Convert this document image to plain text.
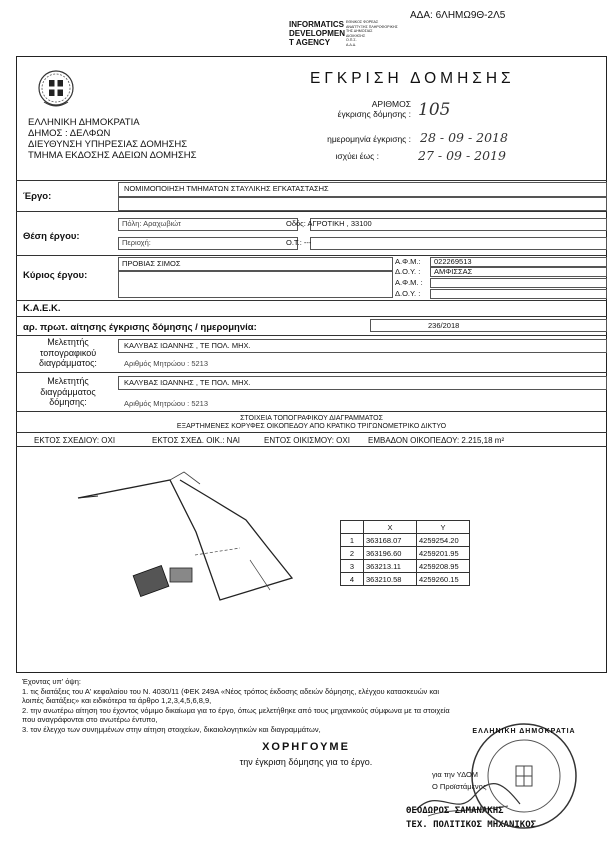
ΑΔΑ: 6ΛΗΜΩ9Θ-2Λ5
INFORMATICS
DEVELOPMEN
T AGENCY
ΕΘΝΙΚΟΣ ΦΟΡΕΑΣ
ΑΝΑΠΤΥΞΗΣ ΠΛΗΡΟΦΟΡΙΚΗΣ
ΤΗΣ ΔΗΜΟΣΙΑΣ
ΔΙΟΙΚΗΣΗΣ
Ο.Π.Σ.
Α.Δ.Δ.
ΕΛΛΗΝΙΚΗ ΔΗΜΟΚΡΑΤΙΑ
ΔΗΜΟΣ : ΔΕΛΦΩΝ
ΔΙΕΥΘΥΝΣΗ ΥΠΗΡΕΣΙΑΣ ΔΟΜΗΣΗΣ
ΤΜΗΜΑ ΕΚΔΟΣΗΣ ΑΔΕΙΩΝ ΔΟΜΗΣΗΣ
ΕΓΚΡΙΣΗ ΔΟΜΗΣΗΣ
ΑΡΙΘΜΟΣ
έγκρισης δόμησης : 105
ημερομηνία έγκρισης : 28 - 09 - 2018
ισχύει έως :	27 - 09 - 2019
Έργο:
ΝΟΜΙΜΟΠΟΙΗΣΗ ΤΜΗΜΑΤΩΝ ΣΤΑΥΛΙΚΗΣ ΕΓΚΑΤΑΣΤΑΣΗΣ
Θέση έργου:
Πόλη: Αραχωβιώτ	Οδός: ΑΓΡΟΤΙΚΗ , 33100
Περιοχή:	Ο.Τ.: ---
Κύριος έργου:
ΠΡΟΒΙΑΣ ΣΙΜΟΣ	Α.Φ.Μ.: 022269513
Δ.Ο.Υ. : ΑΜΦΙΣΣΑΣ
Α.Φ.Μ. :
Δ.Ο.Υ. :
Κ.Α.Ε.Κ.
αρ. πρωτ. αίτησης έγκρισης δόμησης / ημερομηνία:	236/2018
Μελετητής
τοπογραφικού
διαγράμματος:
ΚΑΛΥΒΑΣ ΙΩΑΝΝΗΣ , ΤΕ ΠΟΛ. ΜΗΧ.
Αριθμός Μητρώου : 5213
Μελετητής
διαγράμματος
δόμησης:
ΚΑΛΥΒΑΣ ΙΩΑΝΝΗΣ , ΤΕ ΠΟΛ. ΜΗΧ.
Αριθμός Μητρώου : 5213
ΣΤΟΙΧΕΙΑ ΤΟΠΟΓΡΑΦΙΚΟΥ ΔΙΑΓΡΑΜΜΑΤΟΣ
ΕΞΑΡΤΗΜΕΝΕΣ ΚΟΡΥΦΕΣ ΟΙΚΟΠΕΔΟΥ ΑΠΟ ΚΡΑΤΙΚΟ ΤΡΙΓΩΝΟΜΕΤΡΙΚΟ ΔΙΚΤΥΟ
ΕΚΤΟΣ ΣΧΕΔΙΟΥ: ΟΧΙ	ΕΚΤΟΣ ΣΧΕΔ. ΟΙΚ.: ΝΑΙ	ΕΝΤΟΣ ΟΙΚΙΣΜΟΥ: ΟΧΙ ΕΜΒΑΔΟΝ ΟΙΚΟΠΕΔΟΥ: 2.215,18 m²
	X	Y
1	363168.07	4259254.20
2	363196.60	4259201.95
3	363213.11	4259208.95
4	363210.58	4259260.15
Έχοντας υπ' όψη:
1. τις διατάξεις του Α' κεφαλαίου του Ν. 4030/11 (ΦΕΚ 249Α «Νέος τρόπος έκδοσης αδειών δόμησης, ελέγχου κατασκευών και
λοιπές διατάξεις» και ειδικότερα τα άρθρο 1,2,3,4,5,6,8,9,
2. την ανωτέρω αίτηση του έχοντος νόμιμο δικαίωμα για το έργο, όπως μελετήθηκε από τους μηχανικούς σύμφωνα με τα στοιχεία
που αναγράφονται στο ανωτέρω έντυπο,
3. τον έλεγχο των συνημμένων στην αίτηση στοιχείων, δικαιολογητικών και διαγραμμάτων,
ΧΟΡΗΓΟΥΜΕ
την έγκριση δόμησης για το έργο.
για την ΥΔΟΜ
Ο Προϊστάμενος
ΘΕΟΔΩΡΟΣ ΣΑΜΑΝΑΚΗΣ
ΤΕΧ. ΠΟΛΙΤΙΚΟΣ ΜΗΧΑΝΙΚΟΣ
ΕΛΛΗΝΙΚΗ ΔΗΜΟΚΡΑΤΙΑ
